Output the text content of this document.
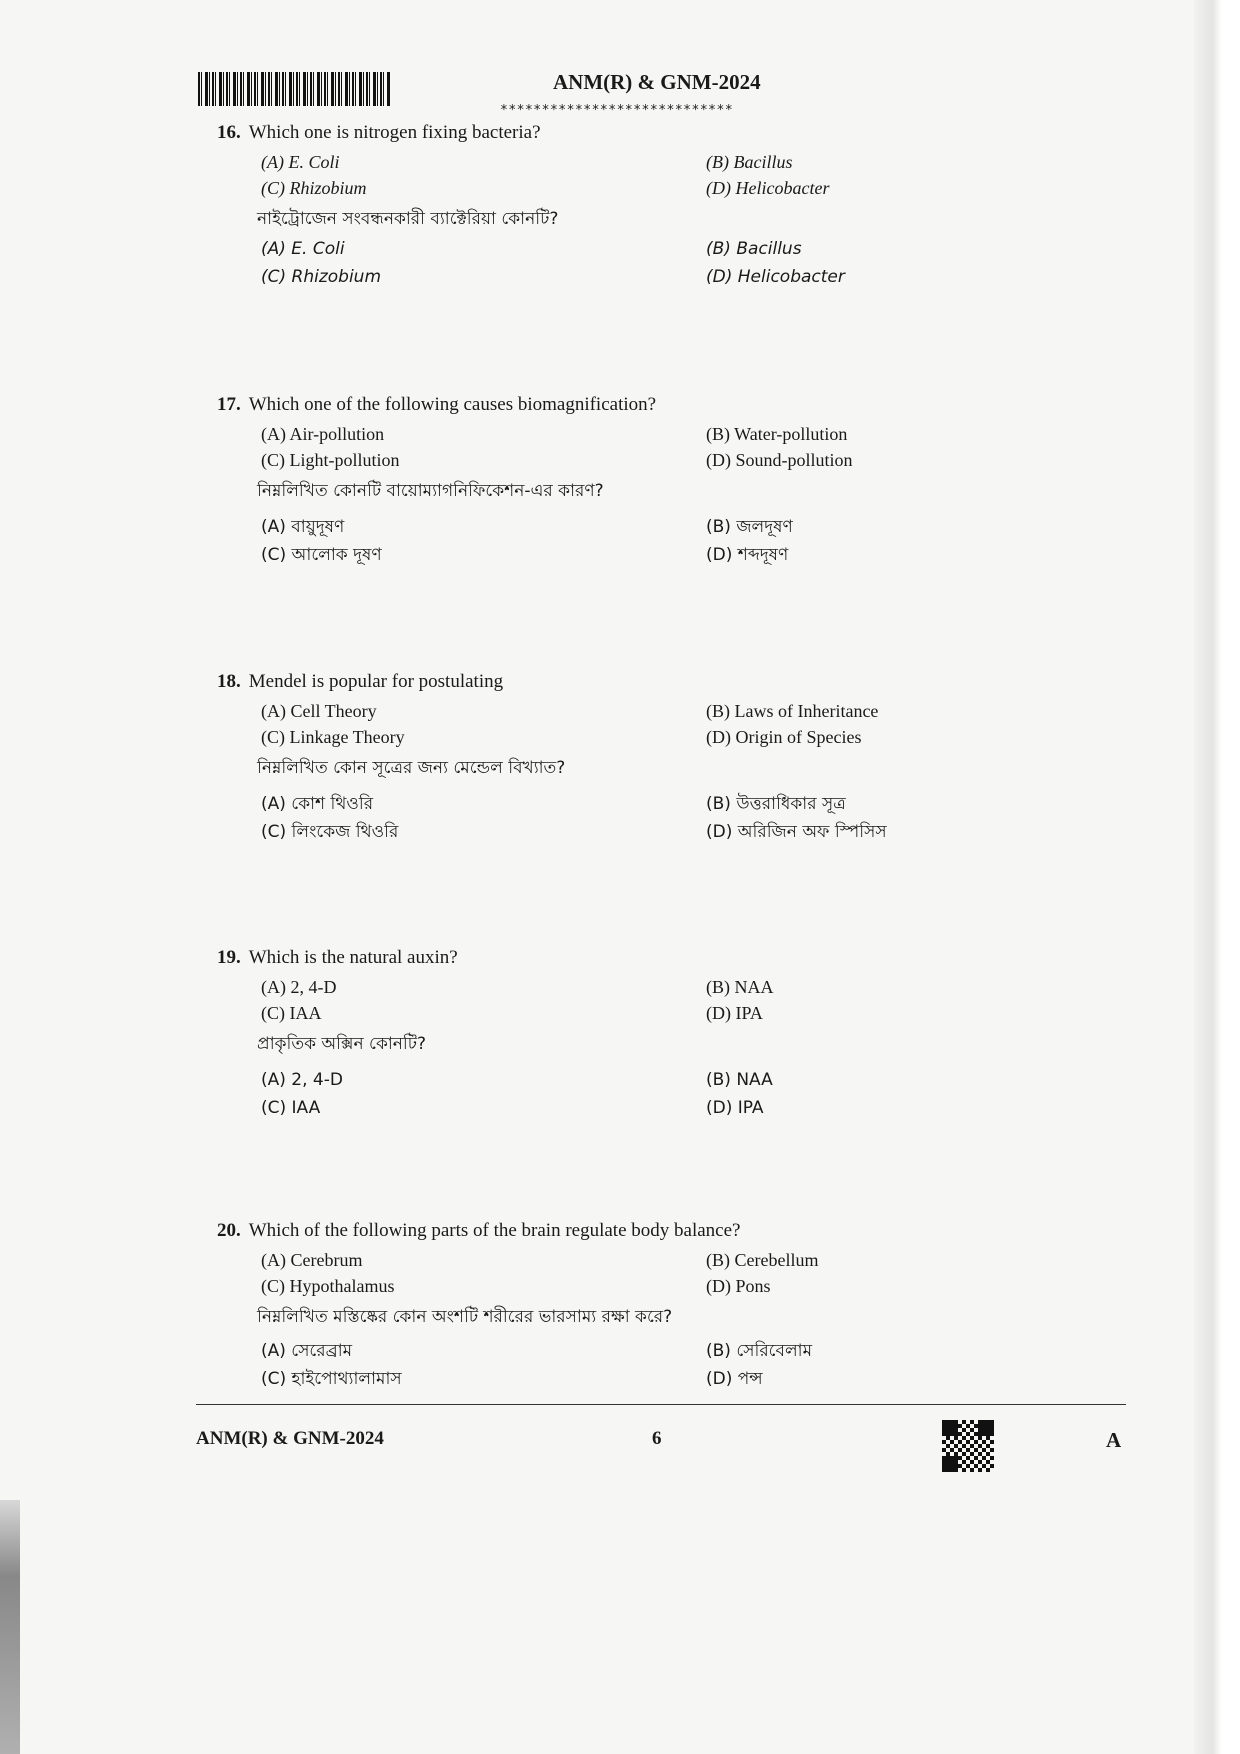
ANM(R) & GNM-2024
****************************
16. Which one is nitrogen fixing bacteria?
(A) E. Coli	(B) Bacillus
(C) Rhizobium	(D) Helicobacter
নাইট্রোজেন সংবন্ধনকারী ব্যাক্টেরিয়া কোনটি?
(A) E. Coli	(B) Bacillus
(C) Rhizobium	(D) Helicobacter
17. Which one of the following causes biomagnification?
(A) Air-pollution	(B) Water-pollution
(C) Light-pollution	(D) Sound-pollution
নিম্নলিখিত কোনটি বায়োম্যাগনিফিকেশন-এর কারণ?
(A) বায়ুদূষণ	(B) জলদূষণ
(C) আলোক দূষণ	(D) শব্দদূষণ
18. Mendel is popular for postulating
(A) Cell Theory	(B) Laws of Inheritance
(C) Linkage Theory	(D) Origin of Species
নিম্নলিখিত কোন সূত্রের জন্য মেন্ডেল বিখ্যাত?
(A) কোশ থিওরি	(B) উত্তরাধিকার সূত্র
(C) লিংকেজ থিওরি	(D) অরিজিন অফ স্পিসিস
19. Which is the natural auxin?
(A) 2, 4-D	(B) NAA
(C) IAA	(D) IPA
প্রাকৃতিক অক্সিন কোনটি?
(A) 2, 4-D	(B) NAA
(C) IAA	(D) IPA
20. Which of the following parts of the brain regulate body balance?
(A) Cerebrum	(B) Cerebellum
(C) Hypothalamus	(D) Pons
নিম্নলিখিত মস্তিষ্কের কোন অংশটি শরীরের ভারসাম্য রক্ষা করে?
(A) সেরেব্রাম	(B) সেরিবেলাম
(C) হাইপোথ্যালামাস	(D) পন্স
ANM(R) & GNM-2024	6	A
